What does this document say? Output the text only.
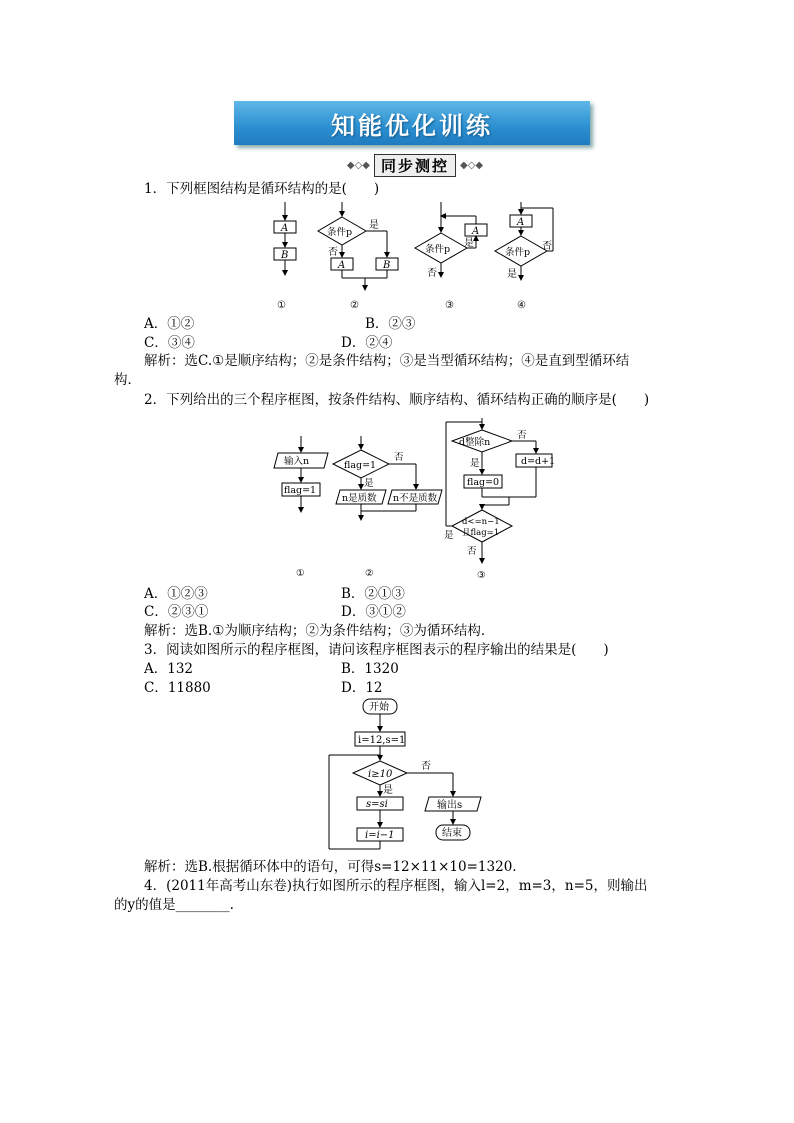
知能优化训练
◆◇◆ 同步测控	◆◇◆
1．下列框图结构是循环结构的是(　　)
A
B
条件p
是
否
A	B
条件p
A
是
否
A
条件p
否
是
①	②	③	④
A．①②	B．②③
C．③④	D．②④
解析：选C.①是顺序结构；②是条件结构；③是当型循环结构；④是直到型循环结
构．
2．下列给出的三个程序框图，按条件结构、顺序结构、循环结构正确的顺序是(　　)
输入n
flag=1
flag=1
否
是
n是质数 n不是质数
d整除n
否
d=d+1
是
flag=0
d<=n−1
且flag=1
是
否
①	②	③
A．①②③	B．②①③
C．②③①	D．③①②
解析：选B.①为顺序结构；②为条件结构；③为循环结构．
3．阅读如图所示的程序框图，请问该程序框图表示的程序输出的结果是(　　)
A．132	B．1320
C．11880	D．12
开始
i=12,s=1
i≥10
否
是
s=si
i=i−1
输出s
结束
解析：选B.根据循环体中的语句，可得s=12×11×10=1320.
4．(2011年高考山东卷)执行如图所示的程序框图，输入l=2，m=3，n=5，则输出
的y的值是________.
